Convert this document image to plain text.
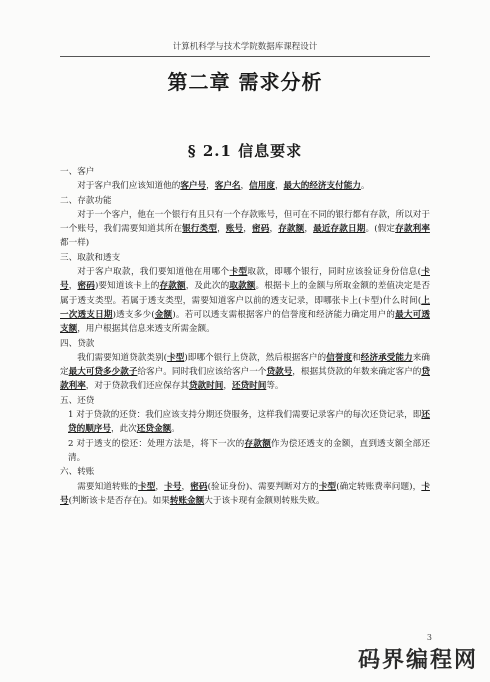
计算机科学与技术学院数据库课程设计
第二章 需求分析
§ 2.1 信息要求
一、客户
对于客户我们应该知道他的客户号，客户名，信用度，最大的经济支付能力。
二、存款功能
对于一个客户，他在一个银行有且只有一个存款账号，但可在不同的银行都有存款，所以对于一个账号，我们需要知道其所在银行类型，账号，密码，存款额，最近存款日期。(假定存款利率都一样)
三、取款和透支
对于客户取款，我们要知道他在用哪个卡型取款，即哪个银行，同时应该验证身份信息(卡号，密码)要知道该卡上的存款额，及此次的取款额。根据卡上的金额与所取金额的差值决定是否属于透支类型。若属于透支类型，需要知道客户以前的透支记录，即哪张卡上(卡型)什么时间(上一次透支日期)透支多少(金额)。若可以透支需根据客户的信誉度和经济能力确定用户的最大可透支额，用户根据其信息来透支所需金额。
四、贷款
我们需要知道贷款类别(卡型)即哪个银行上贷款，然后根据客户的信誉度和经济承受能力来确定最大可贷多少款子给客户。同时我们应该给客户一个贷款号，根据其贷款的年数来确定客户的贷款利率，对于贷款我们还应保存其贷款时间，还贷时间等。
五、还贷
1 对于贷款的还贷：我们应该支持分期还贷服务，这样我们需要记录客户的每次还贷记录，即还贷的顺序号，此次还贷金额。
2 对于透支的偿还：处理方法是，将下一次的存款额作为偿还透支的金额，直到透支额全部还清。
六、转账
需要知道转账的卡型，卡号，密码(验证身份)、需要判断对方的卡型(确定转账费率问题)，卡号(判断该卡是否存在)。如果转账金额大于该卡现有金额则转账失败。
3
码界编程网
